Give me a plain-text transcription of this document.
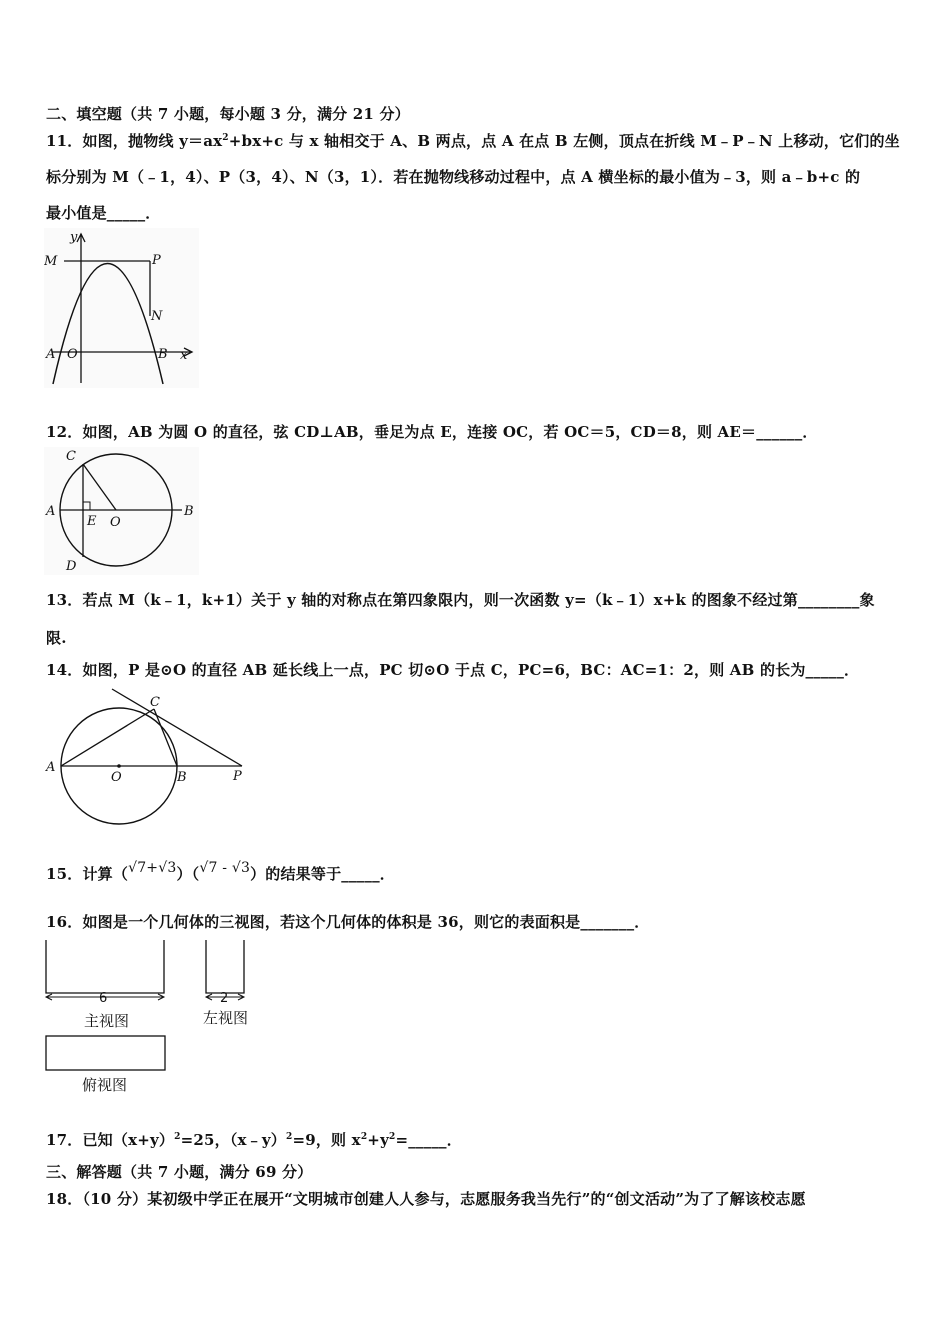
二、填空题（共 7 小题，每小题 3 分，满分 21 分）
11．如图，抛物线 $y=ax^2+bx+c$ 与 x 轴相交于 A、B 两点，点 A 在点 B 左侧，顶点在折线 M﹣P﹣N 上移动，它们的坐
标分别为 M（﹣1，4）、P（3，4）、N（3，1）．若在抛物线移动过程中，点 A 横坐标的最小值为﹣3，则 a﹣b+c 的
最小值是_____．
y
M	P
N
A O	B x
12．如图，AB 为圆 O 的直径，弦 CD⊥AB，垂足为点 E，连接 OC，若 OC＝5，CD＝8，则 AE＝______．
C
A
E O
B
D
13．若点 M（k﹣1，k+1）关于 y 轴的对称点在第四象限内，则一次函数 y=（k﹣1）x+k 的图象不经过第________象
限.
14．如图，P 是⊙O 的直径 AB 延长线上一点，PC 切⊙O 于点 C，PC=6，BC：AC=1：2，则 AB 的长为_____．
C
A
O	B	P
15．计算（√7+√3）（√7 - √3）的结果等于_____．
16．如图是一个几何体的三视图，若这个几何体的体积是 36，则它的表面积是_______．
6
主视图
2
左视图
俯视图
17．已知$(x+y)^2=25$，（x﹣y）$^2$=9，则 $x^2+y^2=\_\_\_\_\_$．
三、解答题（共 7 小题，满分 69 分）
18．（10 分）某初级中学正在展开“文明城市创建人人参与，志愿服务我当先行”的“创文活动”为了了解该校志愿
